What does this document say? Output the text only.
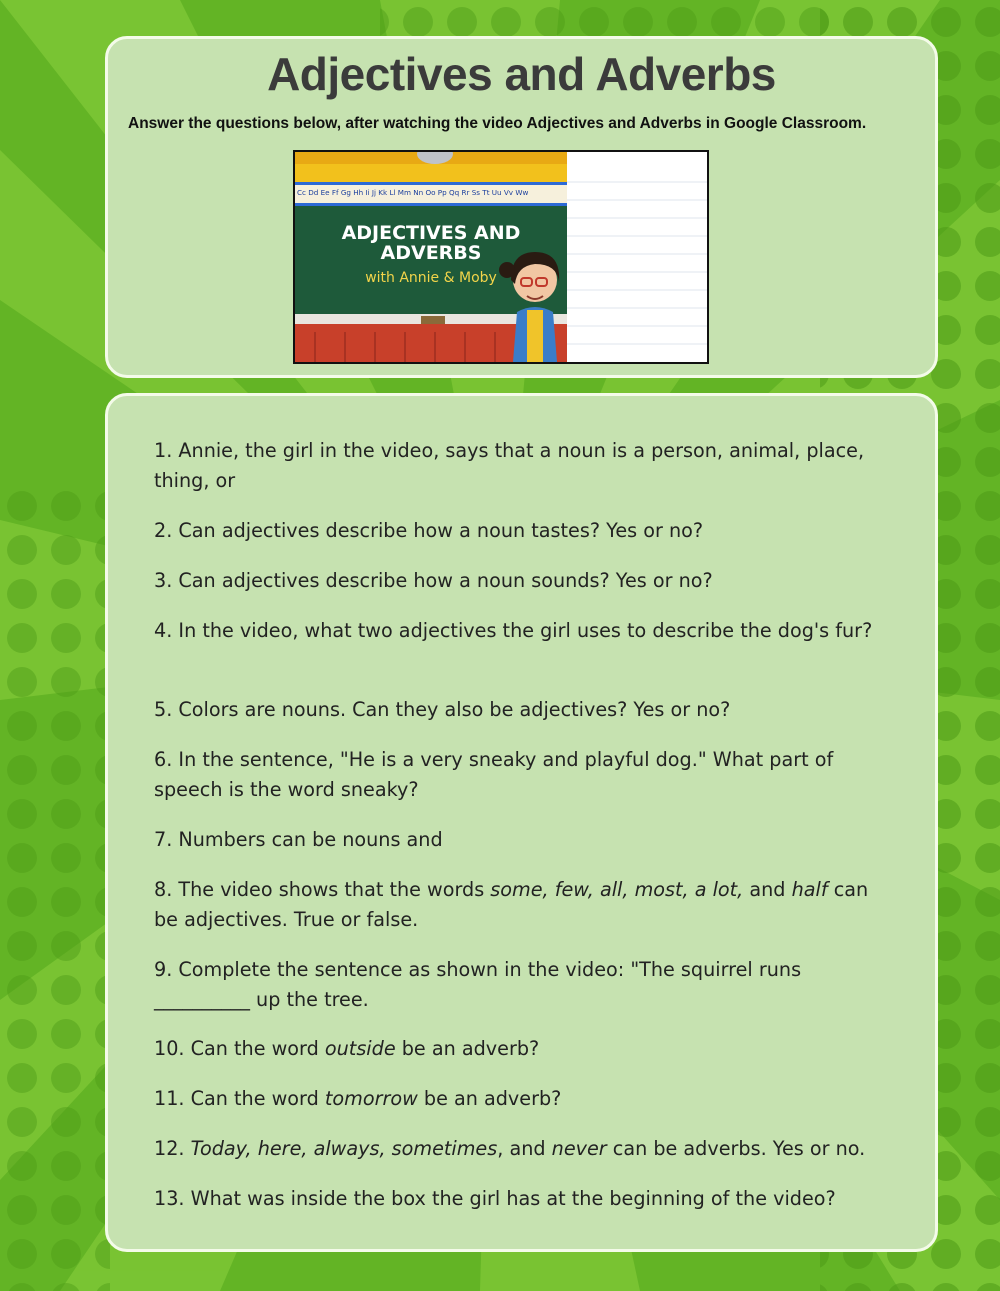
Adjectives and Adverbs

Answer the questions below, after watching the video Adjectives and Adverbs in Google Classroom.

Cc Dd Ee Ff Gg Hh Ii Jj Kk Ll Mm Nn Oo Pp Qq Rr Ss Tt Uu Vv Ww
ADJECTIVES AND
ADVERBS
with Annie & Moby

1. Annie, the girl in the video, says that a noun is a person, animal, place, thing, or

2. Can adjectives describe how a noun tastes? Yes or no?

3. Can adjectives describe how a noun sounds? Yes or no?

4. In the video, what two adjectives the girl uses to describe the dog's fur?

5. Colors are nouns. Can they also be adjectives? Yes or no?

6. In the sentence, "He is a very sneaky and playful dog." What part of speech is the word sneaky?

7. Numbers can be nouns and

8. The video shows that the words some, few, all, most, a lot, and half can be adjectives. True or false.

9. Complete the sentence as shown in the video: "The squirrel runs __________ up the tree.

10. Can the word outside be an adverb?

11. Can the word tomorrow be an adverb?

12. Today, here, always, sometimes, and never can be adverbs. Yes or no.

13. What was inside the box the girl has at the beginning of the video?
